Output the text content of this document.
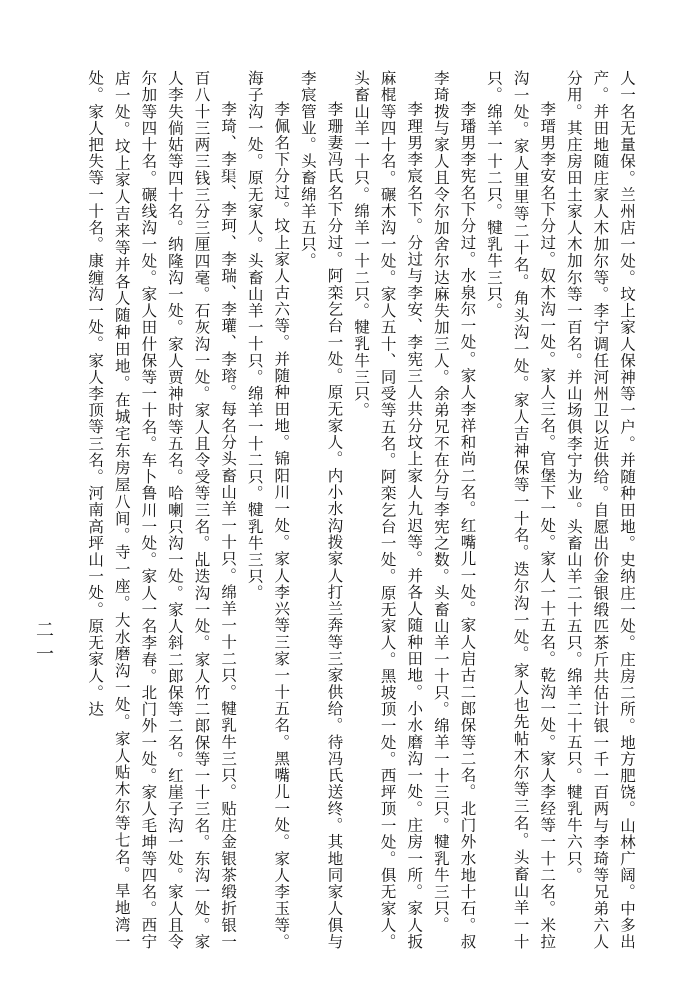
人一名无量保。兰州店一处。坟上家人保神等一户。并随种田地。史纳庄一处。庄房二所。地方肥饶。山林广阔。中多出产。并田地随庄家人木加尔等。李宁调任河州卫以近供给。自愿出价金银缎匹茶斤共估计银一千一百两与李琦等兄弟六人分用。其庄房田土家人木加尔等一百名。并山场俱李宁为业。头畜山羊二十五只。绵羊二十五只。犍乳牛六只。

李瑨男李安名下分过。奴木沟一处。家人三名。官堡下一处。家人一十五名。乾沟一处。家人李经等一十二名。米拉沟一处。家人里里等二十名。角头沟一处。家人吉神保等一十名。迭尔沟一处。家人也先帖木尔等三名。头畜山羊一十只。绵羊一十二只。犍乳牛三只。

李璠男李宪名下分过。水泉尔一处。家人李祥和尚二名。红嘴儿一处。家人启古二郎保等二名。北门外水地十石。叔李琦拨与家人且令尔加舍尔达麻失加三人。余弟兄不在分与李宪之数。头畜山羊一十只。绵羊一十三只。犍乳牛三只。

李理男李宸名下。分过与李安、李宪三人共分坟上家人九迟等。并各人随种田地。小水磨沟一处。庄房一所。家人扳麻棍等四十名。碾木沟一处。家人五十、同受等五名。阿栾乞台一处。原无家人。黑坡顶一处。西坪顶一处。俱无家人。头畜山羊一十只。绵羊一十二只。犍乳牛三只。

李珊妻冯氏名下分过。阿栾乞台一处。原无家人。内小水沟拨家人打兰奔等三家供给。待冯氏送终。其地同家人俱与李宸管业。头畜绵羊五只。

李佩名下分过。坟上家人古六等。并随种田地。锦阳川一处。家人李兴等三家一十五名。黑嘴儿一处。家人李玉等。海子沟一处。原无家人。头畜山羊一十只。绵羊一十二只。犍乳牛三只。

李琦、李𤦲、李珂、李瑞、李瓘、李瑢。每名分头畜山羊一十只。绵羊一十二只。犍乳牛三只。贴庄金银茶缎折银一百八十三两三钱三分三厘四毫。石灰沟一处。家人且令受等三名。乩迭沟一处。家人竹二郎保等一十三名。东沟一处。家人李失倘姑等四十名。纳隆沟一处。家人贾神时等五名。哈喇只沟一处。家人斜二郎保等二名。红崖子沟一处。家人且令尔加等四十名。碾线沟一处。家人田什保等一十名。车卜鲁川一处。家人一名李春。北门外一处。家人毛坤等四名。西宁店一处。坟上家人吉来等并各人随种田地。在城宅东房屋八间。寺一座。大水磨沟一处。家人贴木尔等七名。旱地湾一处。家人把失等一十名。康缠沟一处。家人李顶等三名。河南高坪山一处。原无家人。达

二一
